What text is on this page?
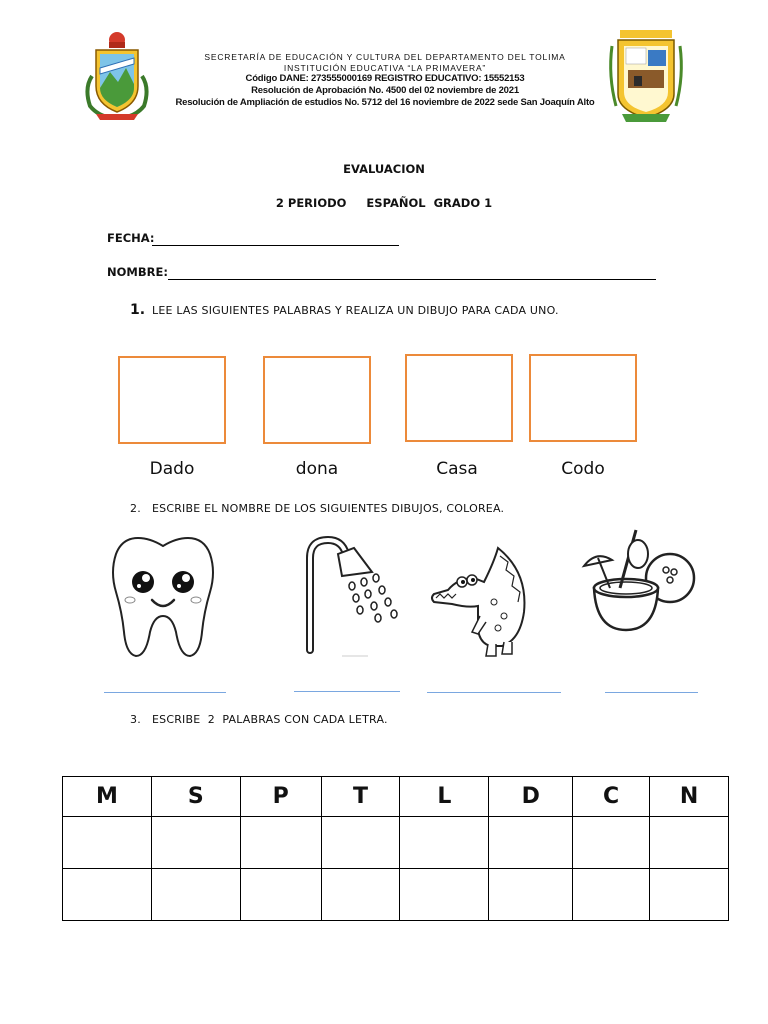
SECRETARÍA DE EDUCACIÓN Y CULTURA DEL DEPARTAMENTO DEL TOLIMA
INSTITUCIÓN EDUCATIVA “LA PRIMAVERA”
Código DANE: 273555000169 REGISTRO EDUCATIVO: 15552153
Resolución de Aprobación No. 4500 del 02 noviembre de 2021
Resolución de Ampliación de estudios No. 5712 del 16 noviembre de 2022 sede San Joaquín Alto
EVALUACION
2 PERIODO     ESPAÑOL  GRADO 1
FECHA:
NOMBRE:
1. LEE LAS SIGUIENTES PALABRAS Y REALIZA UN DIBUJO PARA CADA UNO.
Dado	dona	Casa	Codo
2.   ESCRIBE EL NOMBRE DE LOS SIGUIENTES DIBUJOS, COLOREA.
3.   ESCRIBE  2  PALABRAS CON CADA LETRA.
M	S	P	T	L	D	C	N
